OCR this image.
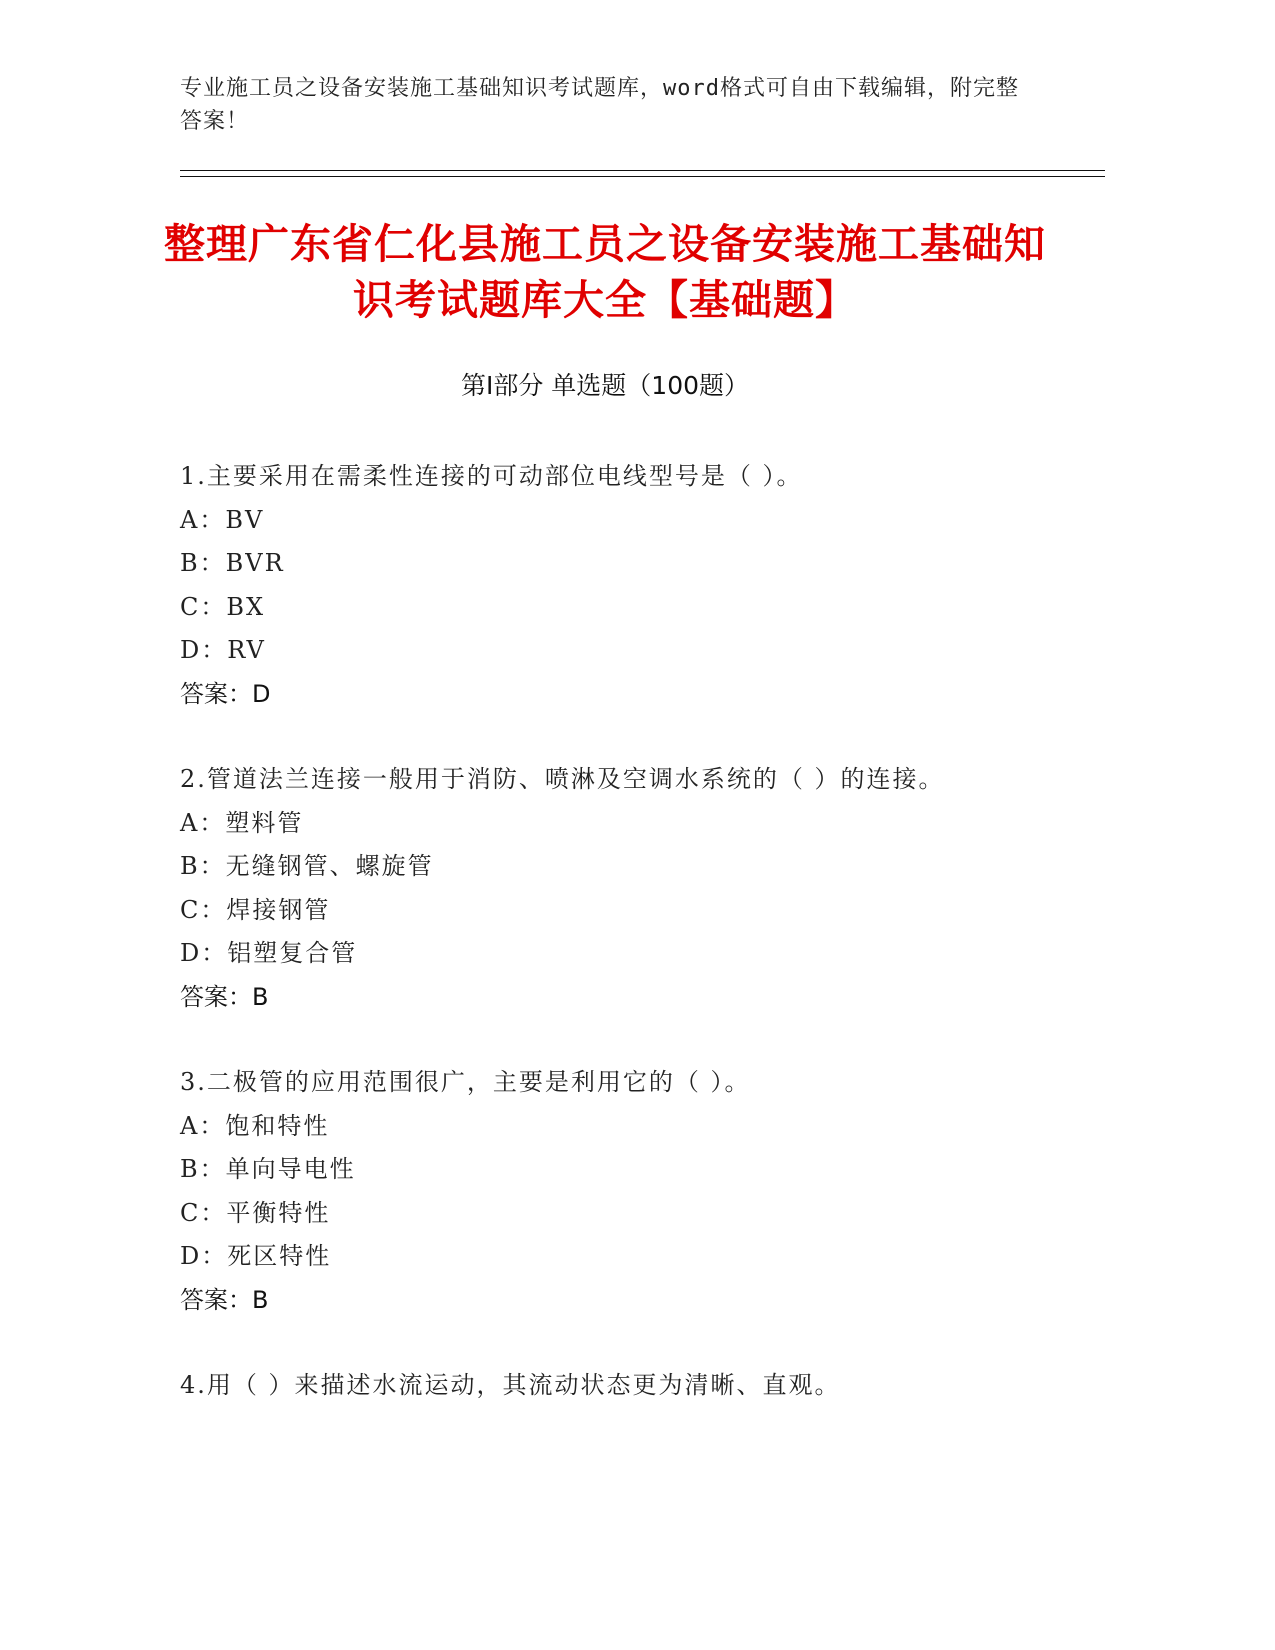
专业施工员之设备安装施工基础知识考试题库，word格式可自由下载编辑，附完整答案！
整理广东省仁化县施工员之设备安装施工基础知识考试题库大全【基础题】
第Ⅰ部分 单选题（100题）
1.主要采用在需柔性连接的可动部位电线型号是（ ）。
A：BV
B：BVR
C：BX
D：RV
答案：D
2.管道法兰连接一般用于消防、喷淋及空调水系统的（ ）的连接。
A：塑料管
B：无缝钢管、螺旋管
C：焊接钢管
D：铝塑复合管
答案：B
3.二极管的应用范围很广，主要是利用它的（ ）。
A：饱和特性
B：单向导电性
C：平衡特性
D：死区特性
答案：B
4.用（ ）来描述水流运动，其流动状态更为清晰、直观。
